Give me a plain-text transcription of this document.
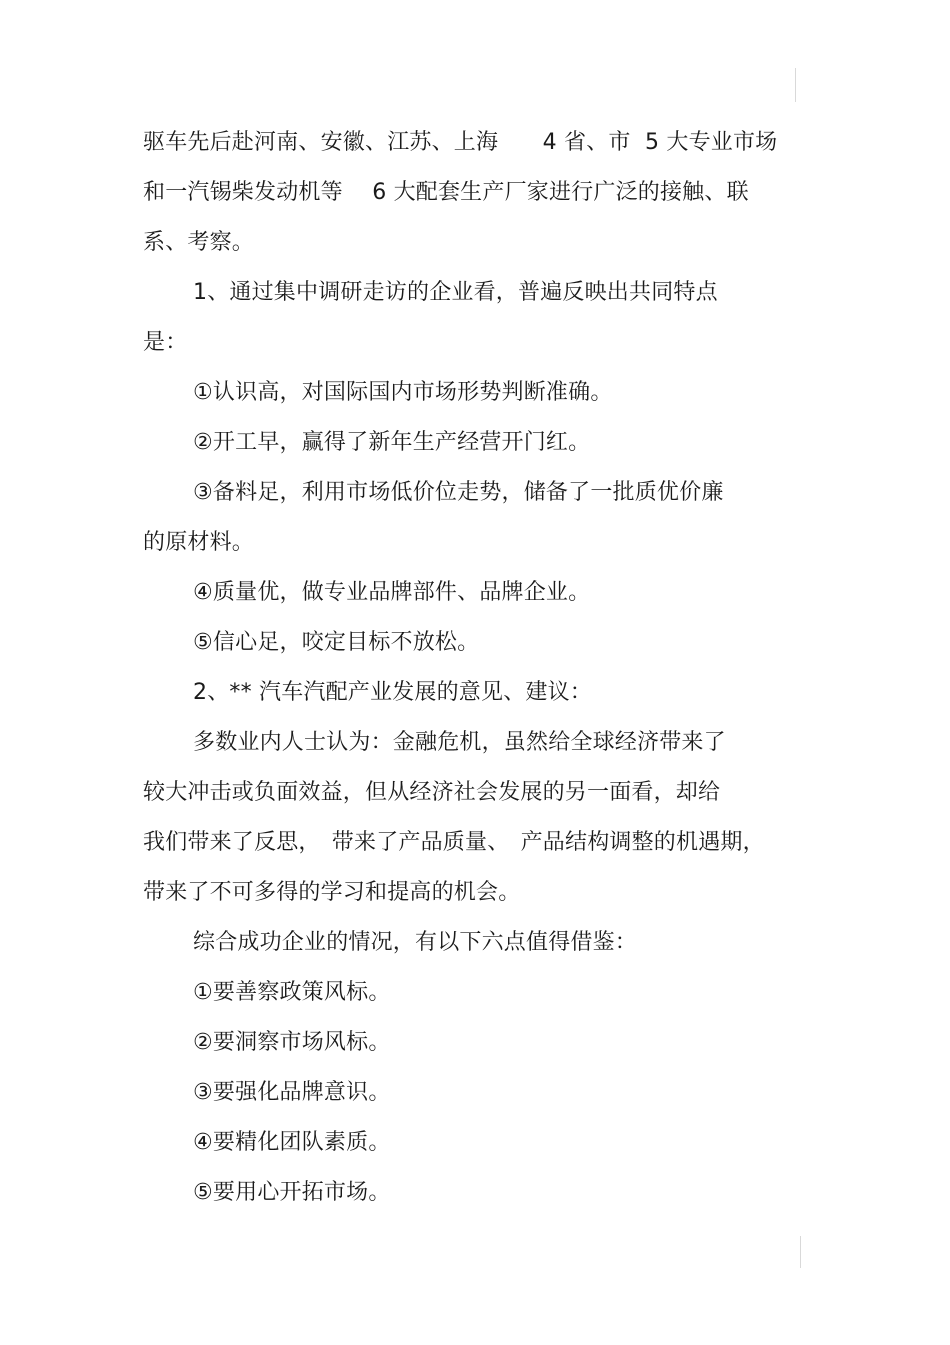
驱车先后赴河南、安徽、江苏、上海　　4 省、市  5 大专业市场
和一汽锡柴发动机等　 6 大配套生产厂家进行广泛的接触、联
系、考察。
1、通过集中调研走访的企业看，普遍反映出共同特点
是：
①认识高，对国际国内市场形势判断准确。
②开工早，赢得了新年生产经营开门红。
③备料足，利用市场低价位走势，储备了一批质优价廉
的原材料。
④质量优，做专业品牌部件、品牌企业。
⑤信心足，咬定目标不放松。
2、** 汽车汽配产业发展的意见、建议：
多数业内人士认为：金融危机，虽然给全球经济带来了
较大冲击或负面效益，但从经济社会发展的另一面看，却给
我们带来了反思，　带来了产品质量、　产品结构调整的机遇期，
带来了不可多得的学习和提高的机会。
综合成功企业的情况，有以下六点值得借鉴：
①要善察政策风标。
②要洞察市场风标。
③要强化品牌意识。
④要精化团队素质。
⑤要用心开拓市场。
